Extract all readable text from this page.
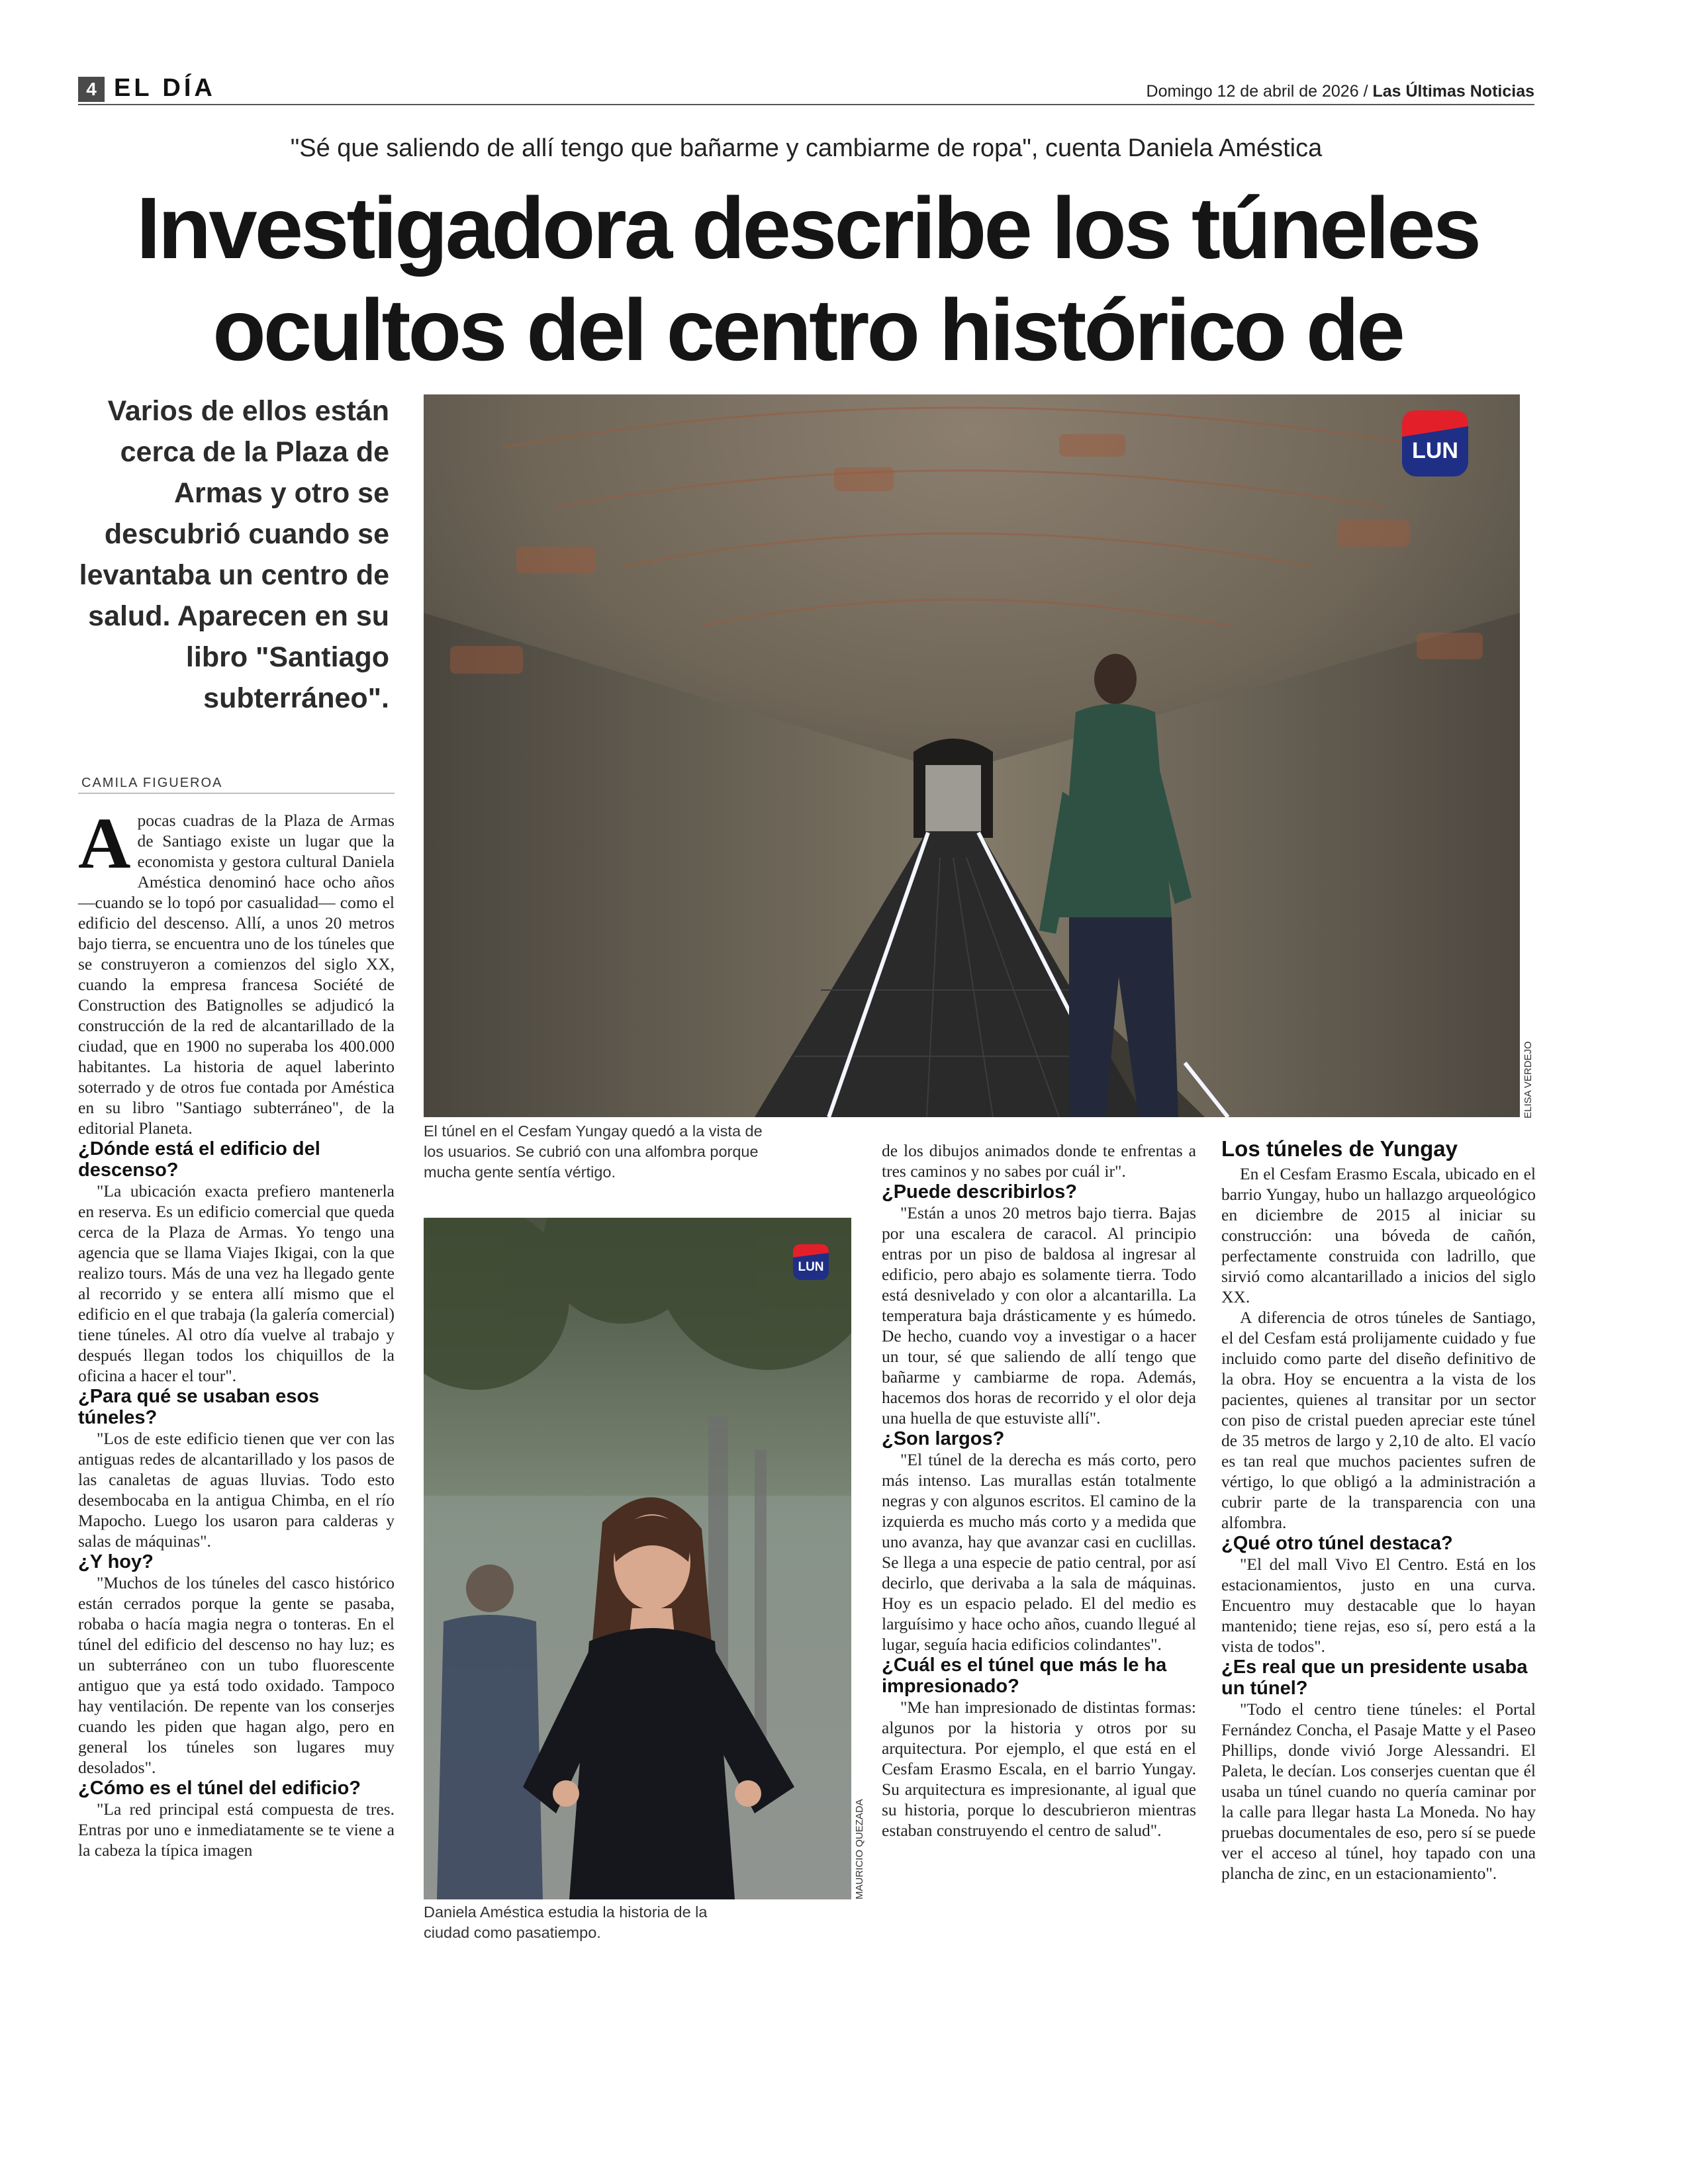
4 EL DÍA	Domingo 12 de abril de 2026 / Las Últimas Noticias
"Sé que saliendo de allí tengo que bañarme y cambiarme de ropa", cuenta Daniela Améstica
Investigadora describe los túneles
ocultos del centro histórico de
Varios de ellos están cerca de la Plaza de Armas y otro se descubrió cuando se levantaba un centro de salud. Aparecen en su libro "Santiago subterráneo".
CAMILA FIGUEROA

A pocas cuadras de la Plaza de Armas de Santiago existe un lugar que la economista y gestora cultural Daniela Améstica denominó hace ocho años —cuando se lo topó por casualidad— como el edificio del descenso. Allí, a unos 20 metros bajo tierra, se encuentra uno de los túneles que se construyeron a comienzos del siglo XX, cuando la empresa francesa Société de Construction des Batignolles se adjudicó la construcción de la red de alcantarillado de la ciudad, que en 1900 no superaba los 400.000 habitantes. La historia de aquel laberinto soterrado y de otros fue contada por Améstica en su libro "Santiago subterráneo", de la editorial Planeta.

¿Dónde está el edificio del descenso?

"La ubicación exacta prefiero mantenerla en reserva. Es un edificio comercial que queda cerca de la Plaza de Armas. Yo tengo una agencia que se llama Viajes Ikigai, con la que realizo tours. Más de una vez ha llegado gente al recorrido y se entera allí mismo que el edificio en el que trabaja (la galería comercial) tiene túneles. Al otro día vuelve al trabajo y después llegan todos los chiquillos de la oficina a hacer el tour".

¿Para qué se usaban esos túneles?

"Los de este edificio tienen que ver con las antiguas redes de alcantarillado y los pasos de las canaletas de aguas lluvias. Todo esto desembocaba en la antigua Chimba, en el río Mapocho. Luego los usaron para calderas y salas de máquinas".

¿Y hoy?

"Muchos de los túneles del casco histórico están cerrados porque la gente se pasaba, robaba o hacía magia negra o tonteras. En el túnel del edificio del descenso no hay luz; es un subterráneo con un tubo fluorescente antiguo que ya está todo oxidado. Tampoco hay ventilación. De repente van los conserjes cuando les piden que hagan algo, pero en general los túneles son lugares muy desolados".

¿Cómo es el túnel del edificio?

"La red principal está compuesta de tres. Entras por uno e inmediatamente se te viene a la cabeza la típica imagen

LUN
ELISA VERDEJO
El túnel en el Cesfam Yungay quedó a la vista de los usuarios. Se cubrió con una alfombra porque mucha gente sentía vértigo.
LUN
MAURICIO QUEZADA
Daniela Améstica estudia la historia de la ciudad como pasatiempo.

de los dibujos animados donde te enfrentas a tres caminos y no sabes por cuál ir".

¿Puede describirlos?

"Están a unos 20 metros bajo tierra. Bajas por una escalera de caracol. Al principio entras por un piso de baldosa al ingresar al edificio, pero abajo es solamente tierra. Todo está desnivelado y con olor a alcantarilla. La temperatura baja drásticamente y es húmedo. De hecho, cuando voy a investigar o a hacer un tour, sé que saliendo de allí tengo que bañarme y cambiarme de ropa. Además, hacemos dos horas de recorrido y el olor deja una huella de que estuviste allí".

¿Son largos?

"El túnel de la derecha es más corto, pero más intenso. Las murallas están totalmente negras y con algunos escritos. El camino de la izquierda es mucho más corto y a medida que uno avanza, hay que avanzar casi en cuclillas. Se llega a una especie de patio central, por así decirlo, que derivaba a la sala de máquinas. Hoy es un espacio pelado. El del medio es larguísimo y hace ocho años, cuando llegué al lugar, seguía hacia edificios colindantes".

¿Cuál es el túnel que más le ha impresionado?

"Me han impresionado de distintas formas: algunos por la historia y otros por su arquitectura. Por ejemplo, el que está en el Cesfam Erasmo Escala, en el barrio Yungay. Su arquitectura es impresionante, al igual que su historia, porque lo descubrieron mientras estaban construyendo el centro de salud".

Los túneles de Yungay

En el Cesfam Erasmo Escala, ubicado en el barrio Yungay, hubo un hallazgo arqueológico en diciembre de 2015 al iniciar su construcción: una bóveda de cañón, perfectamente construida con ladrillo, que sirvió como alcantarillado a inicios del siglo XX.

A diferencia de otros túneles de Santiago, el del Cesfam está prolijamente cuidado y fue incluido como parte del diseño definitivo de la obra. Hoy se encuentra a la vista de los pacientes, quienes al transitar por un sector con piso de cristal pueden apreciar este túnel de 35 metros de largo y 2,10 de alto. El vacío es tan real que muchos pacientes sufren de vértigo, lo que obligó a la administración a cubrir parte de la transparencia con una alfombra.

¿Qué otro túnel destaca?

"El del mall Vivo El Centro. Está en los estacionamientos, justo en una curva. Encuentro muy destacable que lo hayan mantenido; tiene rejas, eso sí, pero está a la vista de todos".

¿Es real que un presidente usaba un túnel?

"Todo el centro tiene túneles: el Portal Fernández Concha, el Pasaje Matte y el Paseo Phillips, donde vivió Jorge Alessandri. El Paleta, le decían. Los conserjes cuentan que él usaba un túnel cuando no quería caminar por la calle para llegar hasta La Moneda. No hay pruebas documentales de eso, pero sí se puede ver el acceso al túnel, hoy tapado con una plancha de zinc, en un estacionamiento".
